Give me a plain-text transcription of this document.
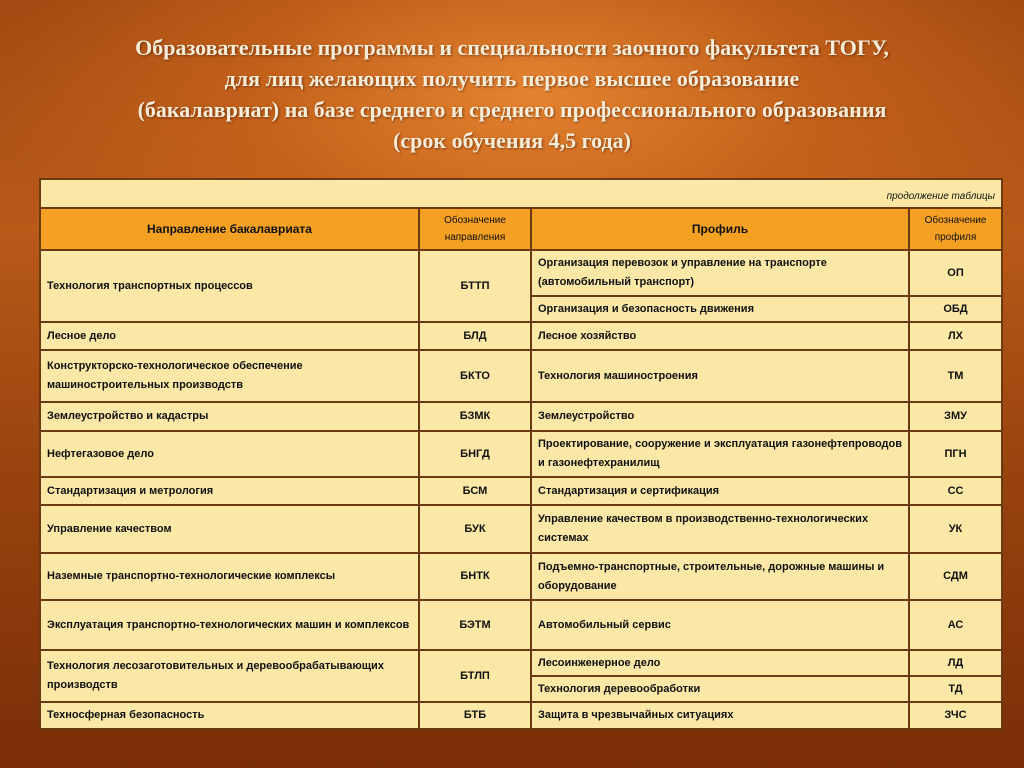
Образовательные программы и специальности заочного факультета ТОГУ,
для лиц желающих получить первое высшее образование
(бакалавриат) на базе среднего и среднего профессионального образования
(срок обучения 4,5 года)
продолжение таблицы			
Направление бакалавриата	Обозначение направления	Профиль	Обозначение профиля
Технология транспортных процессов	БТТП	Организация перевозок и управление на транспорте (автомобильный транспорт)	ОП
		Организация и безопасность движения	ОБД
Лесное дело	БЛД	Лесное хозяйство	ЛХ
Конструкторско-технологическое обеспечение машиностроительных производств	БКТО	Технология машиностроения	ТМ
Землеустройство и кадастры	БЗМК	Землеустройство	ЗМУ
Нефтегазовое дело	БНГД	Проектирование, сооружение и эксплуатация газонефтепроводов и газонефтехранилищ	ПГН
Стандартизация и метрология	БСМ	Стандартизация и сертификация	СС
Управление качеством	БУК	Управление качеством в производственно-технологических системах	УК
Наземные транспортно-технологические комплексы	БНТК	Подъемно-транспортные, строительные, дорожные машины и оборудование	СДМ
Эксплуатация транспортно-технологических машин и комплексов	БЭТМ	Автомобильный сервис	АС
Технология лесозаготовительных и деревообрабатывающих производств	БТЛП	Лесоинженерное дело	ЛД
		Технология деревообработки	ТД
Техносферная безопасность	БТБ	Защита в чрезвычайных ситуациях	ЗЧС
